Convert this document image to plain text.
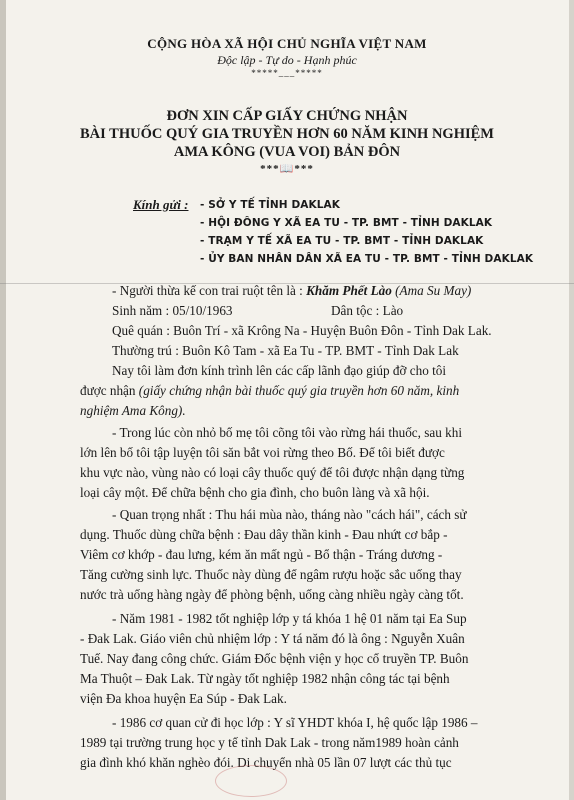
CỘNG HÒA XÃ HỘI CHỦ NGHĨA VIỆT NAM
Độc lập - Tự do - Hạnh phúc
*****___*****
ĐƠN XIN CẤP GIẤY CHỨNG NHẬN
BÀI THUỐC QUÝ GIA TRUYỀN HƠN 60 NĂM KINH NGHIỆM
AMA KÔNG (VUA VOI) BẢN ĐÔN
***📖***
Kính gửi : - SỞ Y TẾ TỈNH DAKLAK
- HỘI ĐÔNG Y XÃ EA TU - TP. BMT - TỈNH DAKLAK
- TRẠM Y TẾ XÃ EA TU - TP. BMT - TỈNH DAKLAK
- ỦY BAN NHÂN DÂN XÃ EA TU - TP. BMT - TỈNH DAKLAK
- Người thừa kế con trai ruột tên là : Khăm Phết Lào (Ama Su May)
Sinh năm : 05/10/1963	Dân tộc : Lào
Quê quán : Buôn Trí - xã Krông Na - Huyện Buôn Đôn - Tỉnh Dak Lak.
Thường trú : Buôn Kô Tam - xã Ea Tu - TP. BMT - Tỉnh Dak Lak
Nay tôi làm đơn kính trình lên các cấp lãnh đạo giúp đỡ cho tôi
được nhận (giấy chứng nhận bài thuốc quý gia truyền hơn 60 năm, kinh
nghiệm Ama Kông).
- Trong lúc còn nhỏ bố mẹ tôi cõng tôi vào rừng hái thuốc, sau khi
lớn lên bố tôi tập luyện tôi săn bắt voi rừng theo Bố. Để tôi biết được
khu vực nào, vùng nào có loại cây thuốc quý để tôi được nhận dạng từng
loại cây một. Để chữa bệnh cho gia đình, cho buôn làng và xã hội.
- Quan trọng nhất : Thu hái mùa nào, tháng nào "cách hái", cách sử
dụng. Thuốc dùng chữa bệnh : Đau dây thần kinh - Đau nhứt cơ bắp -
Viêm cơ khớp - đau lưng, kém ăn mất ngủ - Bổ thận - Tráng dương -
Tăng cường sinh lực. Thuốc này dùng để ngâm rượu hoặc sắc uống thay
nước trà uống hàng ngày để phòng bệnh, uống càng nhiều ngày càng tốt.
- Năm 1981 - 1982 tốt nghiệp lớp y tá khóa 1 hệ 01 năm tại Ea Sup
- Đak Lak. Giáo viên chủ nhiệm lớp : Y tá năm đó là ông : Nguyễn Xuân
Tuế. Nay đang công chức. Giám Đốc bệnh viện y học cổ truyền TP. Buôn
Ma Thuột – Đak Lak. Từ ngày tốt nghiệp 1982 nhận công tác tại bệnh
viện Đa khoa huyện Ea Súp - Đak Lak.
- 1986 cơ quan cử đi học lớp : Y sĩ YHDT khóa I, hệ quốc lập 1986 –
1989 tại trường trung học y tế tỉnh Dak Lak - trong năm1989 hoàn cảnh
gia đình khó khăn nghèo đói. Di chuyển nhà 05 lần 07 lượt các thủ tục
